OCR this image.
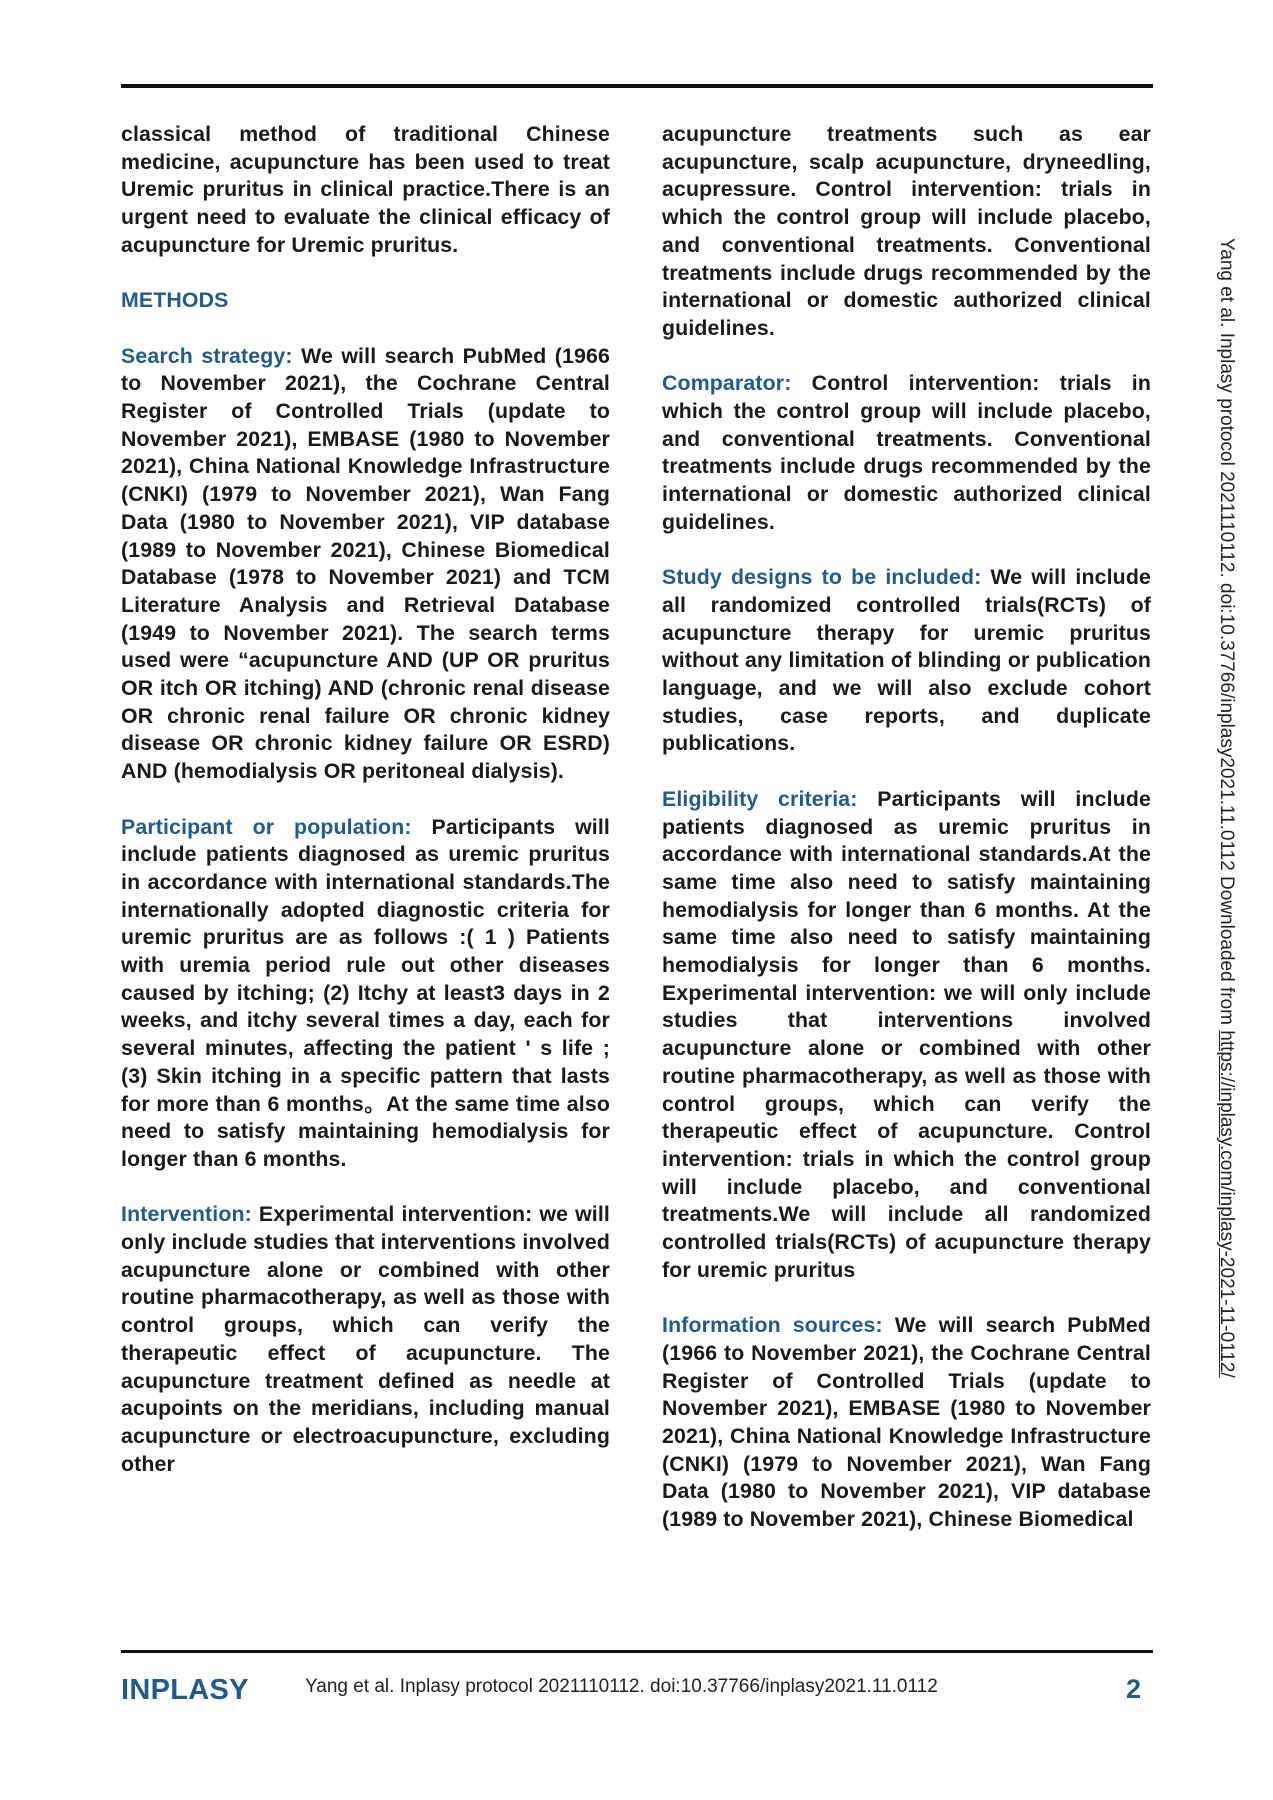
classical method of traditional Chinese medicine, acupuncture has been used to treat Uremic pruritus in clinical practice.There is an urgent need to evaluate the clinical efficacy of acupuncture for Uremic pruritus.

METHODS

Search strategy: We will search PubMed (1966 to November 2021), the Cochrane Central Register of Controlled Trials (update to November 2021), EMBASE (1980 to November 2021), China National Knowledge Infrastructure (CNKI) (1979 to November 2021), Wan Fang Data (1980 to November 2021), VIP database (1989 to November 2021), Chinese Biomedical Database (1978 to November 2021) and TCM Literature Analysis and Retrieval Database (1949 to November 2021). The search terms used were “acupuncture AND (UP OR pruritus OR itch OR itching) AND (chronic renal disease OR chronic renal failure OR chronic kidney disease OR chronic kidney failure OR ESRD) AND (hemodialysis OR peritoneal dialysis).

Participant or population: Participants will include patients diagnosed as uremic pruritus in accordance with international standards.The internationally adopted diagnostic criteria for uremic pruritus are as follows :( 1 ) Patients with uremia period rule out other diseases caused by itching; (2) Itchy at least3 days in 2 weeks, and itchy several times a day, each for several minutes, affecting the patient ' s life ; (3) Skin itching in a specific pattern that lasts for more than 6 months。At the same time also need to satisfy maintaining hemodialysis for longer than 6 months.

Intervention: Experimental intervention: we will only include studies that interventions involved acupuncture alone or combined with other routine pharmacotherapy, as well as those with control groups, which can verify the therapeutic effect of acupuncture. The acupuncture treatment defined as needle at acupoints on the meridians, including manual acupuncture or electroacupuncture, excluding other

acupuncture treatments such as ear acupuncture, scalp acupuncture, dryneedling, acupressure. Control intervention: trials in which the control group will include placebo, and conventional treatments. Conventional treatments include drugs recommended by the international or domestic authorized clinical guidelines.

Comparator: Control intervention: trials in which the control group will include placebo, and conventional treatments. Conventional treatments include drugs recommended by the international or domestic authorized clinical guidelines.

Study designs to be included: We will include all randomized controlled trials(RCTs) of acupuncture therapy for uremic pruritus without any limitation of blinding or publication language, and we will also exclude cohort studies, case reports, and duplicate publications.

Eligibility criteria: Participants will include patients diagnosed as uremic pruritus in accordance with international standards.At the same time also need to satisfy maintaining hemodialysis for longer than 6 months. At the same time also need to satisfy maintaining hemodialysis for longer than 6 months. Experimental intervention: we will only include studies that interventions involved acupuncture alone or combined with other routine pharmacotherapy, as well as those with control groups, which can verify the therapeutic effect of acupuncture. Control intervention: trials in which the control group will include placebo, and conventional treatments.We will include all randomized controlled trials(RCTs) of acupuncture therapy for uremic pruritus

Information sources: We will search PubMed (1966 to November 2021), the Cochrane Central Register of Controlled Trials (update to November 2021), EMBASE (1980 to November 2021), China National Knowledge Infrastructure (CNKI) (1979 to November 2021), Wan Fang Data (1980 to November 2021), VIP database (1989 to November 2021), Chinese Biomedical

Yang et al. Inplasy protocol 2021110112. doi:10.37766/inplasy2021.11.0112 Downloaded from https://inplasy.com/inplasy-2021-11-0112/
INPLASY	Yang et al. Inplasy protocol 2021110112. doi:10.37766/inplasy2021.11.0112	2
